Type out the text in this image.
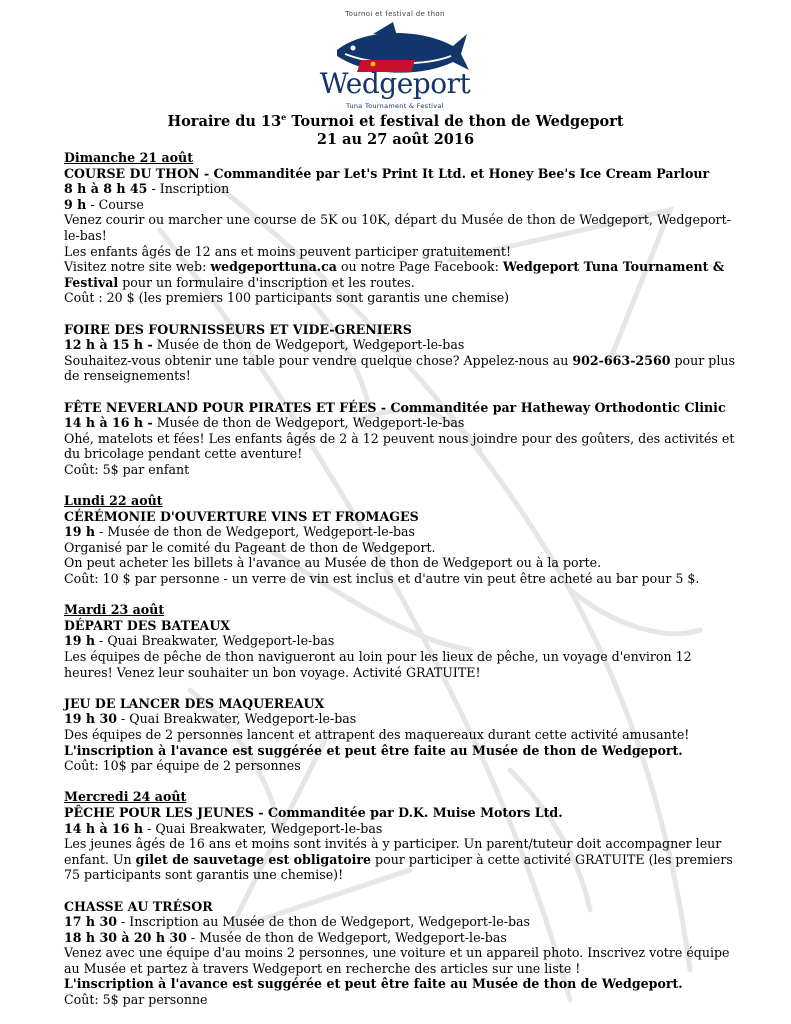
Tournoi et festival de thon
Wedgeport
Tuna Tournament & Festival
Horaire du 13e Tournoi et festival de thon de Wedgeport
21 au 27 août 2016
Dimanche 21 août
COURSE DU THON - Commanditée par Let's Print It Ltd. et Honey Bee's Ice Cream Parlour
8 h à 8 h 45 - Inscription
9 h - Course
Venez courir ou marcher une course de 5K ou 10K, départ du Musée de thon de Wedgeport, Wedgeport-le-bas!
Les enfants âgés de 12 ans et moins peuvent participer gratuitement!
Visitez notre site web: wedgeporttuna.ca ou notre Page Facebook: Wedgeport Tuna Tournament & Festival pour un formulaire d'inscription et les routes.
Coût : 20 $ (les premiers 100 participants sont garantis une chemise)
FOIRE DES FOURNISSEURS ET VIDE-GRENIERS
12 h à 15 h - Musée de thon de Wedgeport, Wedgeport-le-bas
Souhaitez-vous obtenir une table pour vendre quelque chose? Appelez-nous au 902-663-2560 pour plus de renseignements!
FÊTE NEVERLAND POUR PIRATES ET FÉES - Commanditée par Hatheway Orthodontic Clinic
14 h à 16 h - Musée de thon de Wedgeport, Wedgeport-le-bas
Ohé, matelots et fées! Les enfants âgés de 2 à 12 peuvent nous joindre pour des goûters, des activités et du bricolage pendant cette aventure!
Coût: 5$ par enfant
Lundi 22 août
CÉRÉMONIE D'OUVERTURE VINS ET FROMAGES
19 h - Musée de thon de Wedgeport, Wedgeport-le-bas
Organisé par le comité du Pageant de thon de Wedgeport.
On peut acheter les billets à l'avance au Musée de thon de Wedgeport ou à la porte.
Coût: 10 $ par personne - un verre de vin est inclus et d'autre vin peut être acheté au bar pour 5 $.
Mardi 23 août
DÉPART DES BATEAUX
19 h - Quai Breakwater, Wedgeport-le-bas
Les équipes de pêche de thon navigueront au loin pour les lieux de pêche, un voyage d'environ 12 heures! Venez leur souhaiter un bon voyage. Activité GRATUITE!
JEU DE LANCER DES MAQUEREAUX
19 h 30 - Quai Breakwater, Wedgeport-le-bas
Des équipes de 2 personnes lancent et attrapent des maquereaux durant cette activité amusante!
L'inscription à l'avance est suggérée et peut être faite au Musée de thon de Wedgeport.
Coût: 10$ par équipe de 2 personnes
Mercredi 24 août
PÊCHE POUR LES JEUNES - Commanditée par D.K. Muise Motors Ltd.
14 h à 16 h - Quai Breakwater, Wedgeport-le-bas
Les jeunes âgés de 16 ans et moins sont invités à y participer. Un parent/tuteur doit accompagner leur enfant. Un gilet de sauvetage est obligatoire pour participer à cette activité GRATUITE (les premiers 75 participants sont garantis une chemise)!
CHASSE AU TRÉSOR
17 h 30 - Inscription au Musée de thon de Wedgeport, Wedgeport-le-bas
18 h 30 à 20 h 30 - Musée de thon de Wedgeport, Wedgeport-le-bas
Venez avec une équipe d'au moins 2 personnes, une voiture et un appareil photo. Inscrivez votre équipe au Musée et partez à travers Wedgeport en recherche des articles sur une liste !
L'inscription à l'avance est suggérée et peut être faite au Musée de thon de Wedgeport.
Coût: 5$ par personne
